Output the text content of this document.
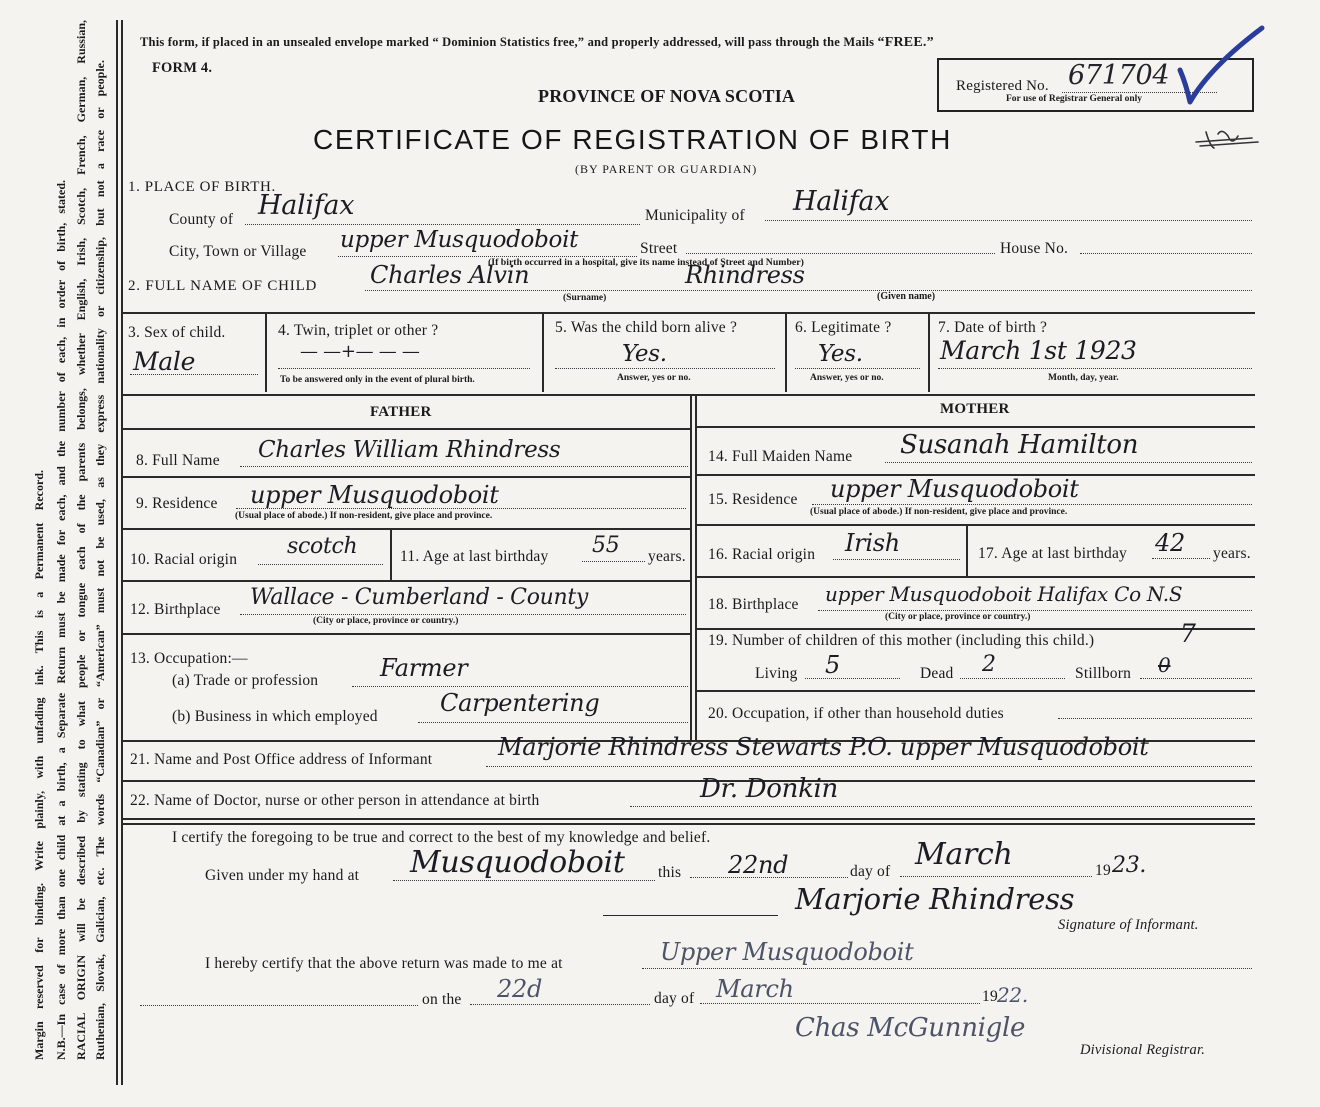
Margin reserved for binding. Write plainly, with unfading ink. This is a Permanent Record. N.B.—In case of more than one child at a birth, a Separate Return must be made for each, and the number of each, in order of birth, stated. RACIAL ORIGIN will be described by stating to what people or tongue each of the parents belongs, whether English, Irish, Scotch, French, German, Russian, Ruthenian, Slovak, Galician, etc. The words “Canadian” or “American” must not be used, as they express nationality or citizenship, but not a race or people.
This form, if placed in an unsealed envelope marked “ Dominion Statistics free,” and properly addressed, will pass through the Mails “FREE.”
FORM 4.
PROVINCE OF NOVA SCOTIA	Registered No. 671704
For use of Registrar General only
CERTIFICATE OF REGISTRATION OF BIRTH
(BY PARENT OR GUARDIAN)
1. PLACE OF BIRTH.
County of Halifax	Municipality of Halifax
City, Town or Village upper Musquodoboit	Street
(If birth occurred in a hospital, give its name instead of Street and Number)
House No.
2. FULL NAME OF CHILD Charles Alvin
(Surname)
Rhindress
(Given name)
3. Sex of child.
Male
4. Twin, triplet or other ?
— —+— — —
To be answered only in the event of plural birth.
5. Was the child born alive ?
Yes.
Answer, yes or no.
6. Legitimate ?
Yes.
Answer, yes or no.
7. Date of birth ?
March 1st 1923
Month, day, year.
FATHER
8. Full Name Charles William Rhindress
9. Residence upper Musquodoboit
(Usual place of abode.) If non-resident, give place and province.
10. Racial origin
scotch	11. Age at last birthday 55 years.
12. Birthplace Wallace - Cumberland - County
(City or place, province or country.)
13. Occupation:—
(a) Trade or profession	Farmer
(b) Business in which employed	Carpentering
MOTHER
14. Full Maiden Name Susanah Hamilton
15. Residence upper Musquodoboit
(Usual place of abode.) If non-resident, give place and province.
16. Racial origin Irish	17. Age at last birthday 42 years.
18. Birthplace upper Musquodoboit Halifax Co N.S
(City or place, province or country.)
19. Number of children of this mother (including this child.)	7
Living 5	Dead 2	Stillborn 0
20. Occupation, if other than household duties
21. Name and Post Office address of Informant	Marjorie Rhindress Stewarts P.O. upper Musquodoboit
22. Name of Doctor, nurse or other person in attendance at birth	Dr. Donkin
I certify the foregoing to be true and correct to the best of my knowledge and belief.
Given under my hand at Musquodoboit this 22nd	day of March	19 23.
Marjorie Rhindress
Signature of Informant.
I hereby certify that the above return was made to me at	Upper Musquodoboit
on the 22d	day of March	19 22.
Chas McGunnigle
Divisional Registrar.
